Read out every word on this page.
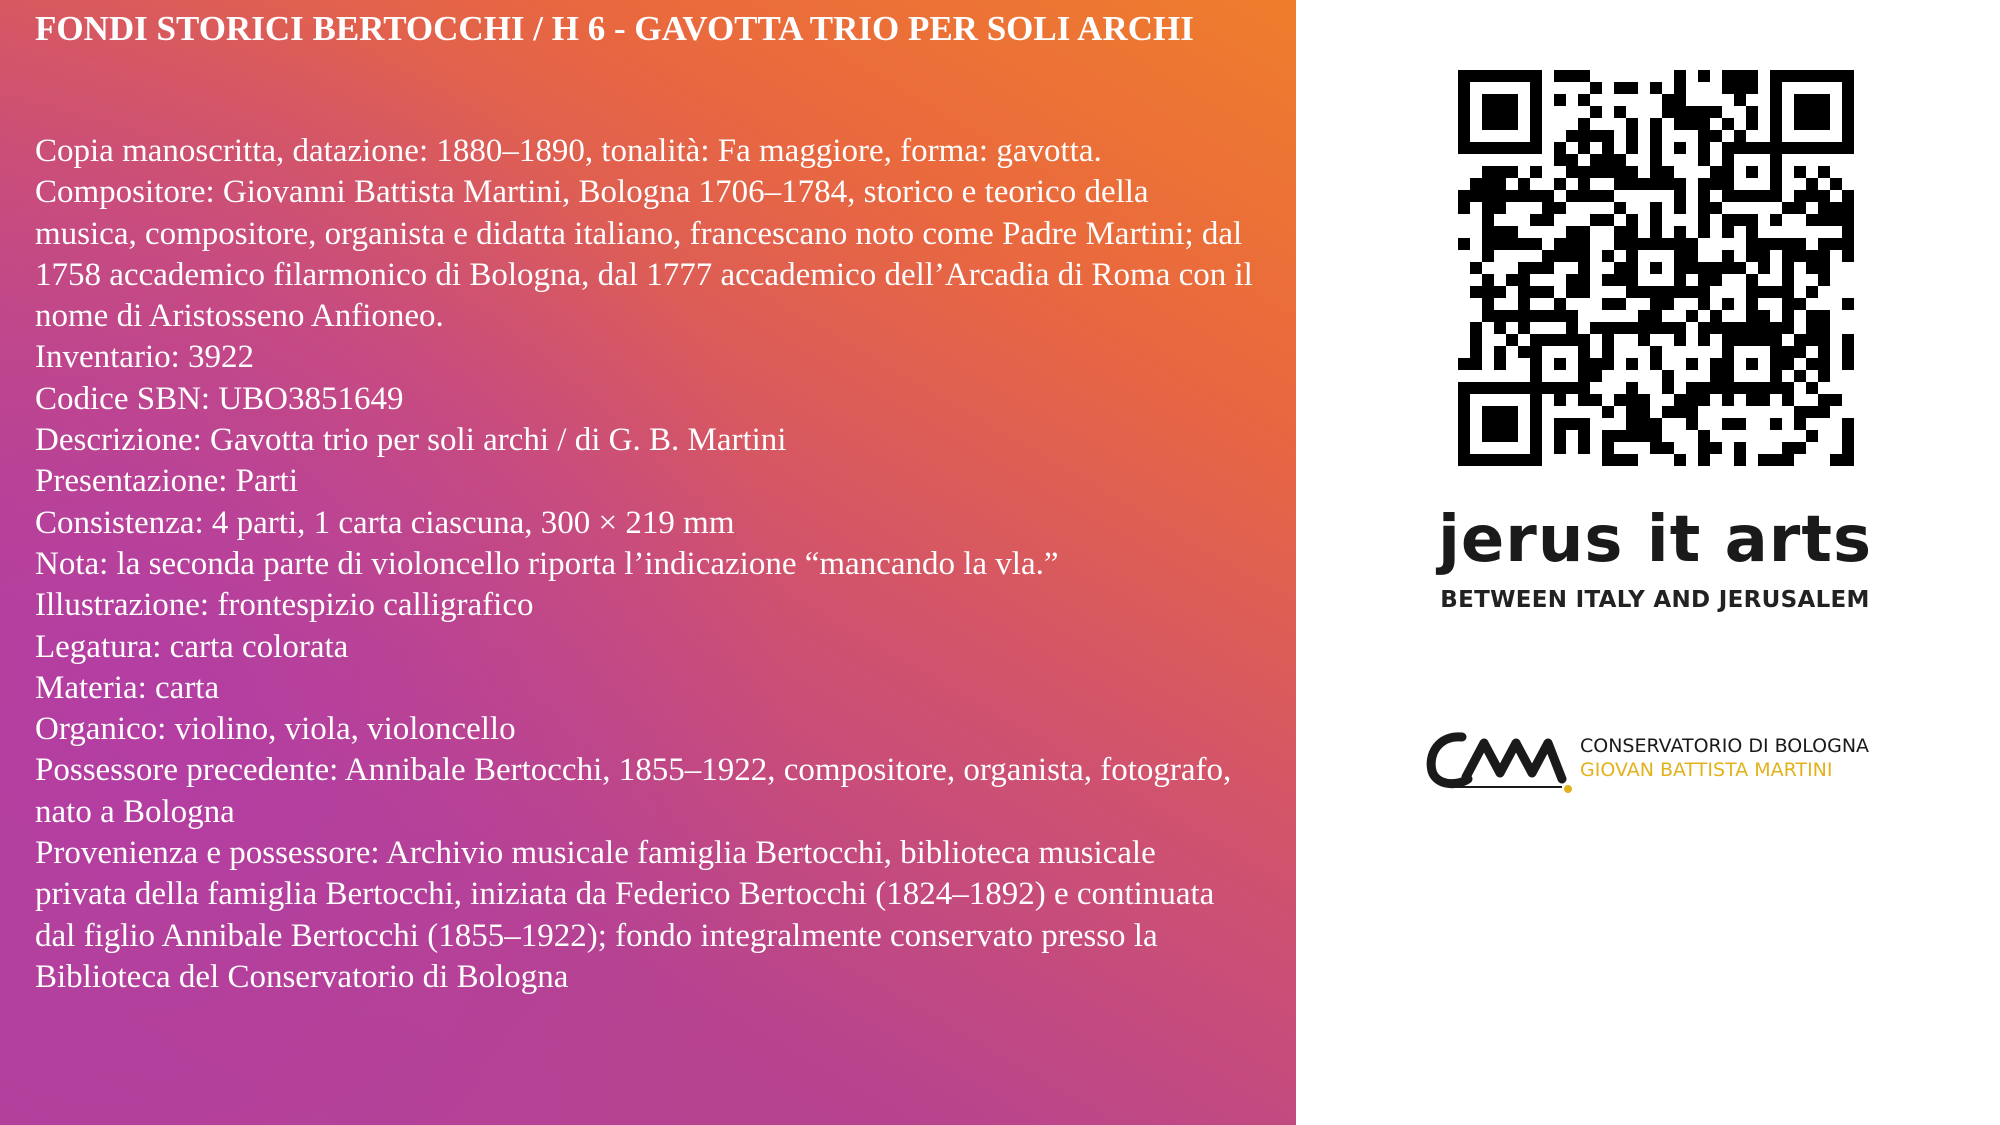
FONDI STORICI BERTOCCHI / H 6 - GAVOTTA TRIO PER SOLI ARCHI
Copia manoscritta, datazione: 1880–1890, tonalità: Fa maggiore, forma: gavotta.
Compositore: Giovanni Battista Martini, Bologna 1706–1784, storico e teorico della musica, compositore, organista e didatta italiano, francescano noto come Padre Martini; dal 1758 accademico filarmonico di Bologna, dal 1777 accademico dell’Arcadia di Roma con il nome di Aristosseno Anfioneo.
Inventario: 3922
Codice SBN: UBO3851649
Descrizione: Gavotta trio per soli archi / di G. B. Martini
Presentazione: Parti
Consistenza: 4 parti, 1 carta ciascuna, 300 × 219 mm
Nota: la seconda parte di violoncello riporta l’indicazione “mancando la vla.”
Illustrazione: frontespizio calligrafico
Legatura: carta colorata
Materia: carta
Organico: violino, viola, violoncello
Possessore precedente: Annibale Bertocchi, 1855–1922, compositore, organista, fotografo, nato a Bologna
Provenienza e possessore: Archivio musicale famiglia Bertocchi, biblioteca musicale privata della famiglia Bertocchi, iniziata da Federico Bertocchi (1824–1892) e continuata dal figlio Annibale Bertocchi (1855–1922); fondo integralmente conservato presso la Biblioteca del Conservatorio di Bologna
jerus it arts
BETWEEN ITALY AND JERUSALEM
CONSERVATORIO DI BOLOGNA
GIOVAN BATTISTA MARTINI
